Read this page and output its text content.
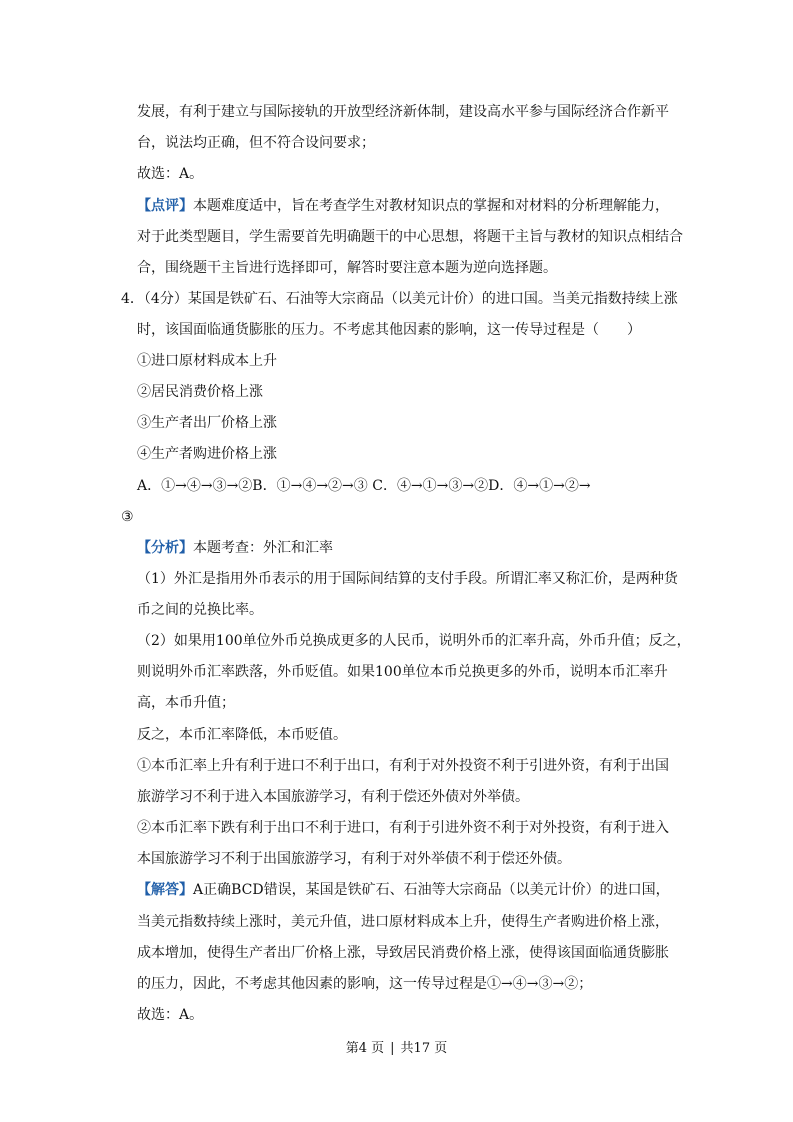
发展，有利于建立与国际接轨的开放型经济新体制，建设高水平参与国际经济合作新平
台，说法均正确，但不符合设问要求；
故选：A。
【点评】本题难度适中，旨在考查学生对教材知识点的掌握和对材料的分析理解能力，
对于此类型题目，学生需要首先明确题干的中心思想，将题干主旨与教材的知识点相结合
合，围绕题干主旨进行选择即可，解答时要注意本题为逆向选择题。
4．（4分）某国是铁矿石、石油等大宗商品（以美元计价）的进口国。当美元指数持续上涨
时，该国面临通货膨胀的压力。不考虑其他因素的影响，这一传导过程是（　　）
①进口原材料成本上升
②居民消费价格上涨
③生产者出厂价格上涨
④生产者购进价格上涨
A．①→④→③→②B．①→④→②→③ C．④→①→③→②D．④→①→②→
③
【分析】本题考查：外汇和汇率
（1）外汇是指用外币表示的用于国际间结算的支付手段。所谓汇率又称汇价，是两种货
币之间的兑换比率。
（2）如果用100单位外币兑换成更多的人民币，说明外币的汇率升高，外币升值；反之，
则说明外币汇率跌落，外币贬值。如果100单位本币兑换更多的外币，说明本币汇率升
高，本币升值；
反之，本币汇率降低，本币贬值。
①本币汇率上升有利于进口不利于出口，有利于对外投资不利于引进外资，有利于出国
旅游学习不利于进入本国旅游学习，有利于偿还外债对外举债。
②本币汇率下跌有利于出口不利于进口，有利于引进外资不利于对外投资，有利于进入
本国旅游学习不利于出国旅游学习，有利于对外举债不利于偿还外债。
【解答】A正确BCD错误，某国是铁矿石、石油等大宗商品（以美元计价）的进口国，
当美元指数持续上涨时，美元升值，进口原材料成本上升，使得生产者购进价格上涨，
成本增加，使得生产者出厂价格上涨，导致居民消费价格上涨，使得该国面临通货膨胀
的压力，因此，不考虑其他因素的影响，这一传导过程是①→④→③→②；
故选：A。
第4 页 | 共17 页
